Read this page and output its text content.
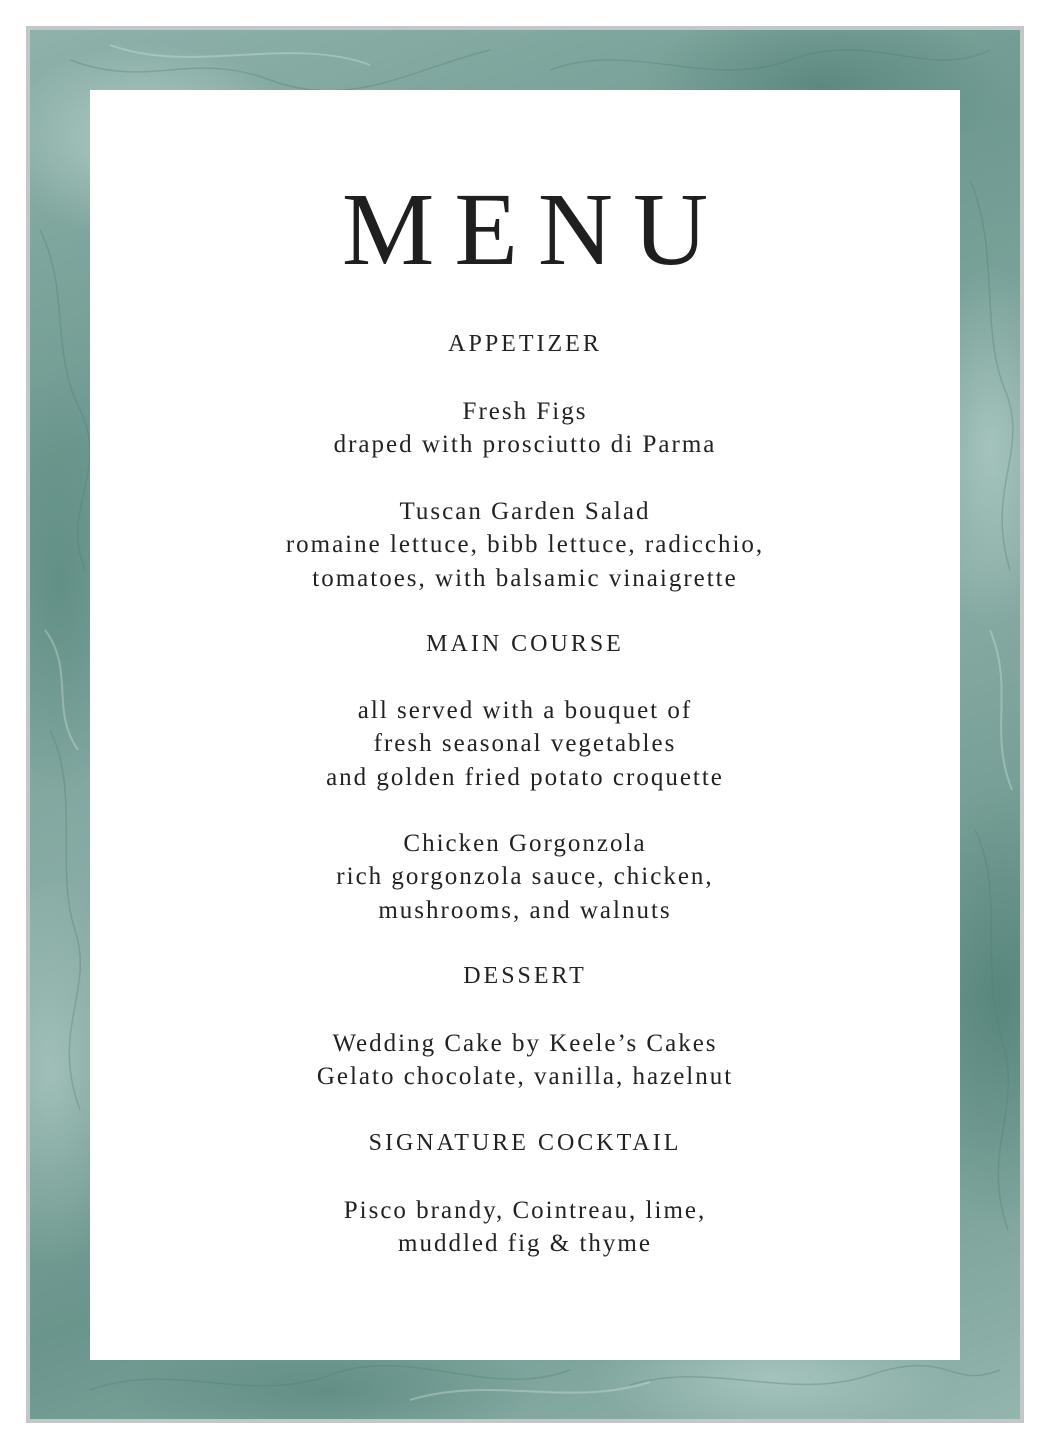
MENU
APPETIZER
Fresh Figs
draped with prosciutto di Parma
Tuscan Garden Salad
romaine lettuce, bibb lettuce, radicchio,
tomatoes, with balsamic vinaigrette
MAIN COURSE
all served with a bouquet of
fresh seasonal vegetables
and golden fried potato croquette
Chicken Gorgonzola
rich gorgonzola sauce, chicken,
mushrooms, and walnuts
DESSERT
Wedding Cake by Keele’s Cakes
Gelato chocolate, vanilla, hazelnut
SIGNATURE COCKTAIL
Pisco brandy, Cointreau, lime,
muddled fig & thyme
